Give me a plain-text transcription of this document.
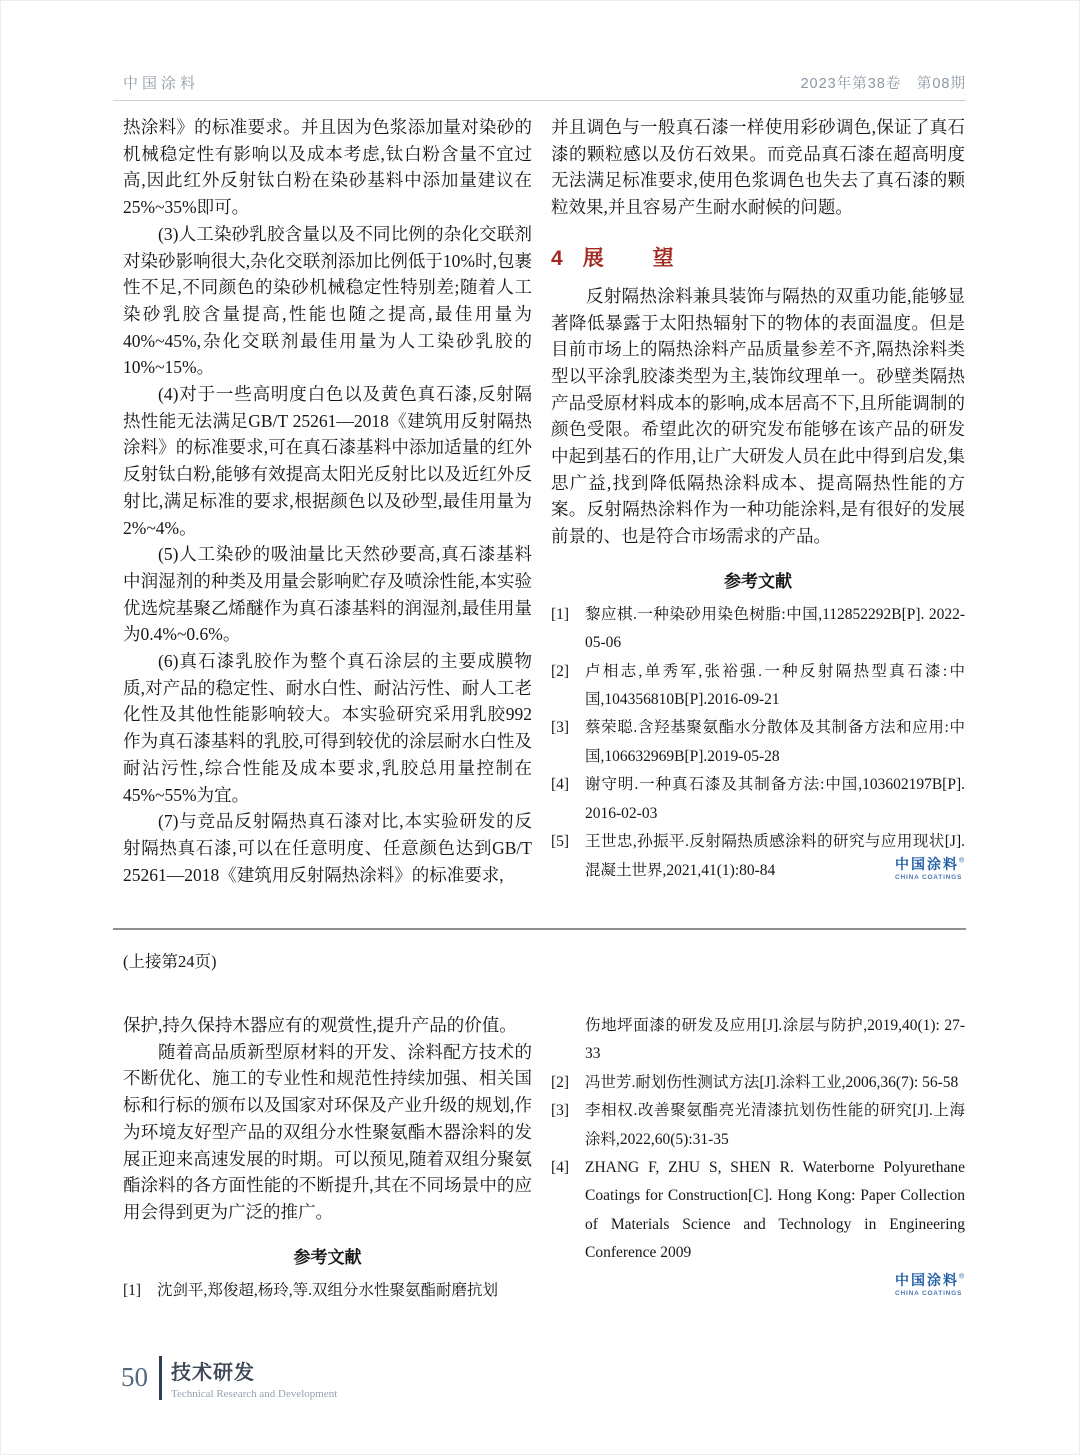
中国涂料	2023年第38卷　第08期

热涂料》的标准要求。并且因为色浆添加量对染砂的机械稳定性有影响以及成本考虑,钛白粉含量不宜过高,因此红外反射钛白粉在染砂基料中添加量建议在25%~35%即可。

(3)人工染砂乳胶含量以及不同比例的杂化交联剂对染砂影响很大,杂化交联剂添加比例低于10%时,包裹性不足,不同颜色的染砂机械稳定性特别差;随着人工染砂乳胶含量提高,性能也随之提高,最佳用量为40%~45%,杂化交联剂最佳用量为人工染砂乳胶的10%~15%。

(4)对于一些高明度白色以及黄色真石漆,反射隔热性能无法满足GB/T 25261—2018《建筑用反射隔热涂料》的标准要求,可在真石漆基料中添加适量的红外反射钛白粉,能够有效提高太阳光反射比以及近红外反射比,满足标准的要求,根据颜色以及砂型,最佳用量为2%~4%。

(5)人工染砂的吸油量比天然砂要高,真石漆基料中润湿剂的种类及用量会影响贮存及喷涂性能,本实验优选烷基聚乙烯醚作为真石漆基料的润湿剂,最佳用量为0.4%~0.6%。

(6)真石漆乳胶作为整个真石涂层的主要成膜物质,对产品的稳定性、耐水白性、耐沾污性、耐人工老化性及其他性能影响较大。本实验研究采用乳胶992作为真石漆基料的乳胶,可得到较优的涂层耐水白性及耐沾污性,综合性能及成本要求,乳胶总用量控制在45%~55%为宜。

(7)与竞品反射隔热真石漆对比,本实验研发的反射隔热真石漆,可以在任意明度、任意颜色达到GB/T 25261—2018《建筑用反射隔热涂料》的标准要求,

并且调色与一般真石漆一样使用彩砂调色,保证了真石漆的颗粒感以及仿石效果。而竞品真石漆在超高明度无法满足标准要求,使用色浆调色也失去了真石漆的颗粒效果,并且容易产生耐水耐候的问题。

4 展　望

反射隔热涂料兼具装饰与隔热的双重功能,能够显著降低暴露于太阳热辐射下的物体的表面温度。但是目前市场上的隔热涂料产品质量参差不齐,隔热涂料类型以平涂乳胶漆类型为主,装饰纹理单一。砂壁类隔热产品受原材料成本的影响,成本居高不下,且所能调制的颜色受限。希望此次的研究发布能够在该产品的研发中起到基石的作用,让广大研发人员在此中得到启发,集思广益,找到降低隔热涂料成本、提高隔热性能的方案。反射隔热涂料作为一种功能涂料,是有很好的发展前景的、也是符合市场需求的产品。

参考文献
[1]	黎应棋.一种染砂用染色树脂:中国,112852292B[P]. 2022-05-06
[2]	卢相志,单秀军,张裕强.一种反射隔热型真石漆:中国,104356810B[P].2016-09-21
[3]	蔡荣聪.含羟基聚氨酯水分散体及其制备方法和应用:中国,106632969B[P].2019-05-28
[4]	谢守明.一种真石漆及其制备方法:中国,103602197B[P]. 2016-02-03
[5]	王世忠,孙振平.反射隔热质感涂料的研究与应用现状[J].混凝土世界,2021,41(1):80-84	中国涂料®
CHINA COATINGS
(上接第24页)

保护,持久保持木器应有的观赏性,提升产品的价值。

随着高品质新型原材料的开发、涂料配方技术的不断优化、施工的专业性和规范性持续加强、相关国标和行标的颁布以及国家对环保及产业升级的规划,作为环境友好型产品的双组分水性聚氨酯木器涂料的发展正迎来高速发展的时期。可以预见,随着双组分聚氨酯涂料的各方面性能的不断提升,其在不同场景中的应用会得到更为广泛的推广。

参考文献
[1]	沈剑平,郑俊超,杨玲,等.双组分水性聚氨酯耐磨抗划
伤地坪面漆的研发及应用[J].涂层与防护,2019,40(1): 27-33
[2]	冯世芳.耐划伤性测试方法[J].涂料工业,2006,36(7): 56-58
[3]	李相权.改善聚氨酯亮光清漆抗划伤性能的研究[J].上海涂料,2022,60(5):31-35
[4]	ZHANG F, ZHU S, SHEN R. Waterborne Polyurethane Coatings for Construction[C]. Hong Kong: Paper Collection of Materials Science and Technology in Engineering Conference 2009
中国涂料®
CHINA COATINGS
50 技术研发
Technical Research and Development
